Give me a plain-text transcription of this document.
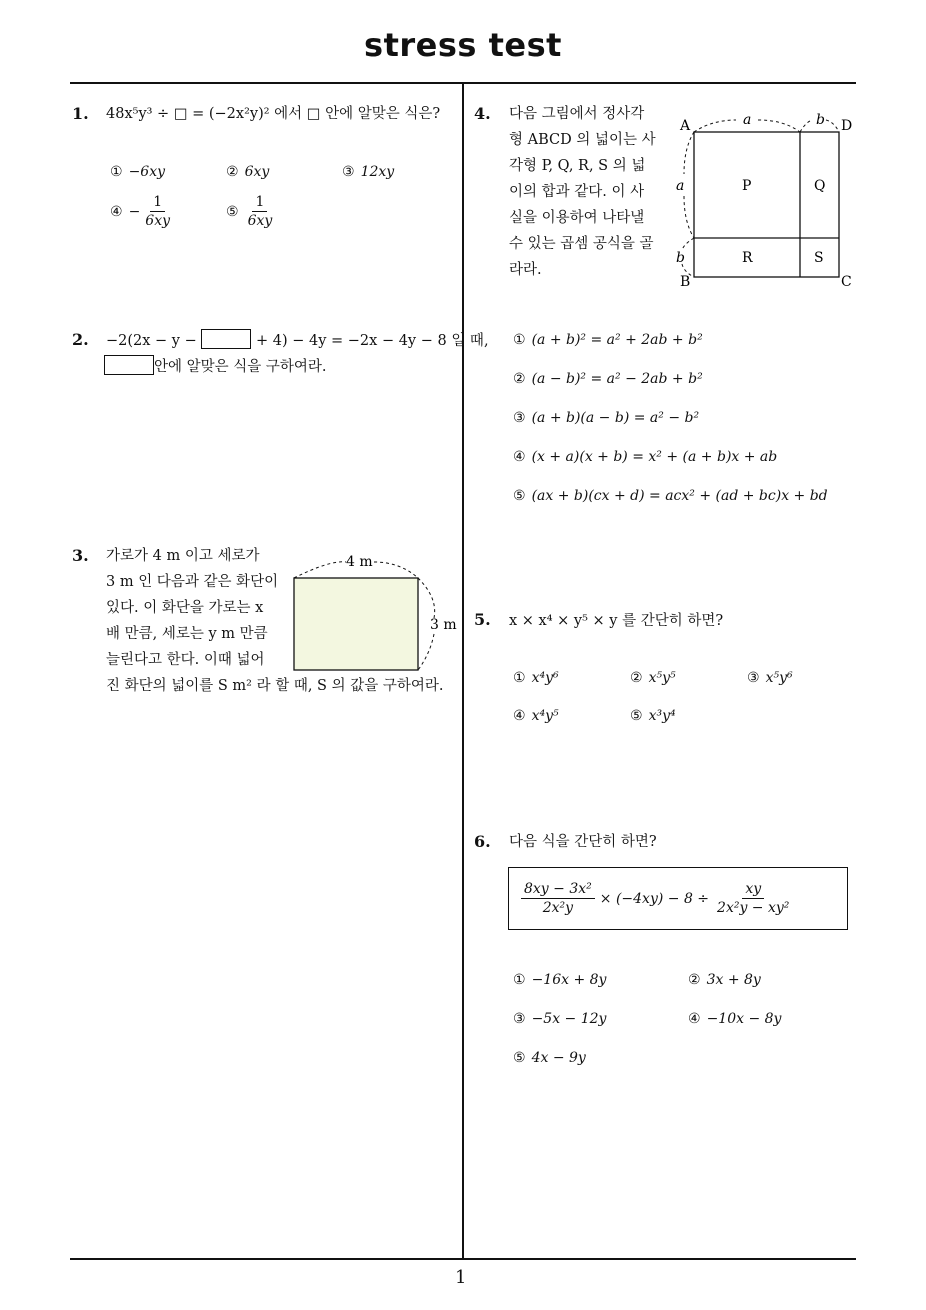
stress test
1
1. 48x⁵y³ ÷ □ = (−2x²y)² 에서 □ 안에 알맞은 식은?
① −6xy	② 6xy	③ 12xy
④ − $\frac{1}{6xy}$	⑤ $\frac{1}{6xy}$
2. −2(2x − y −	+ 4) − 4y = −2x − 4y − 8 일 때,
안에 알맞은 식을 구하여라.
3. 가로가 4 m 이고 세로가
3 m 인 다음과 같은 화단이
있다. 이 화단을 가로는 x
배 만큼, 세로는 y m 만큼
늘린다고 한다. 이때 넓어
진 화단의 넓이를 S m² 라 할 때, S 의 값을 구하여라.
4 m
3 m
4. 다음 그림에서 정사각
형 ABCD 의 넓이는 사
각형 P, Q, R, S 의 넓
이의 합과 같다. 이 사
실을 이용하여 나타낼
수 있는 곱셈 공식을 골
라라.
A	D
B	C
a	b
a
b
P	Q
R	S
① (a + b)² = a² + 2ab + b²
② (a − b)² = a² − 2ab + b²
③ (a + b)(a − b) = a² − b²
④ (x + a)(x + b) = x² + (a + b)x + ab
⑤ (ax + b)(cx + d) = acx² + (ad + bc)x + bd
5. x × x⁴ × y⁵ × y 를 간단히 하면?
① x⁴y⁶	② x⁵y⁵	③ x⁵y⁶
④ x⁴y⁵	⑤ x³y⁴
6. 다음 식을 간단히 하면?
$\frac{\text{8xy − 3x²}}{\text{2x²y}} \times (-4xy) - 8 \div \frac{xy}{\text{2x²y − xy²}}$
① −16x + 8y	② 3x + 8y
③ −5x − 12y	④ −10x − 8y
⑤ 4x − 9y
